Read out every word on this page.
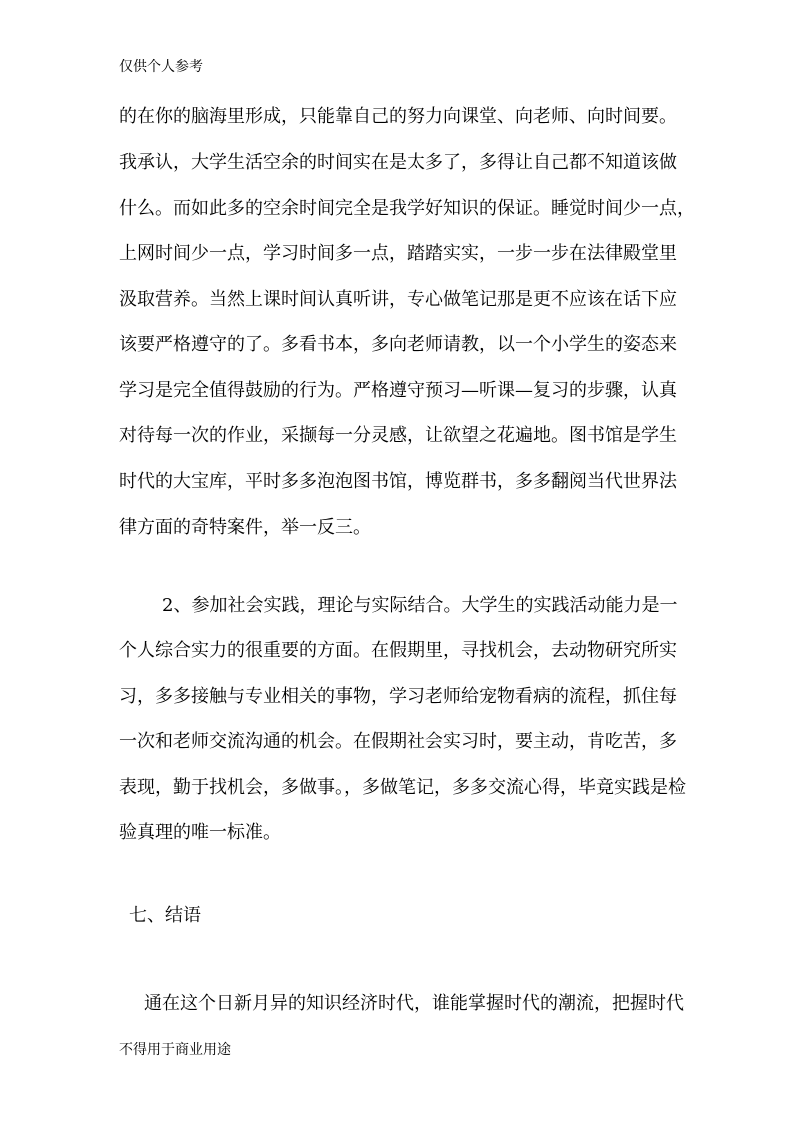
仅供个人参考
的在你的脑海里形成，只能靠自己的努力向课堂、向老师、向时间要。
我承认，大学生活空余的时间实在是太多了，多得让自己都不知道该做
什么。而如此多的空余时间完全是我学好知识的保证。睡觉时间少一点，
上网时间少一点，学习时间多一点，踏踏实实，一步一步在法律殿堂里
汲取营养。当然上课时间认真听讲，专心做笔记那是更不应该在话下应
该要严格遵守的了。多看书本，多向老师请教，以一个小学生的姿态来
学习是完全值得鼓励的行为。严格遵守预习—听课—复习的步骤，认真
对待每一次的作业，采撷每一分灵感，让欲望之花遍地。图书馆是学生
时代的大宝库，平时多多泡泡图书馆，博览群书，多多翻阅当代世界法
律方面的奇特案件，举一反三。
2、参加社会实践，理论与实际结合。大学生的实践活动能力是一
个人综合实力的很重要的方面。在假期里，寻找机会，去动物研究所实
习，多多接触与专业相关的事物，学习老师给宠物看病的流程，抓住每
一次和老师交流沟通的机会。在假期社会实习时，要主动，肯吃苦，多
表现，勤于找机会，多做事。，多做笔记，多多交流心得，毕竟实践是检
验真理的唯一标准。
七、结语
通在这个日新月异的知识经济时代，谁能掌握时代的潮流，把握时代
不得用于商业用途
